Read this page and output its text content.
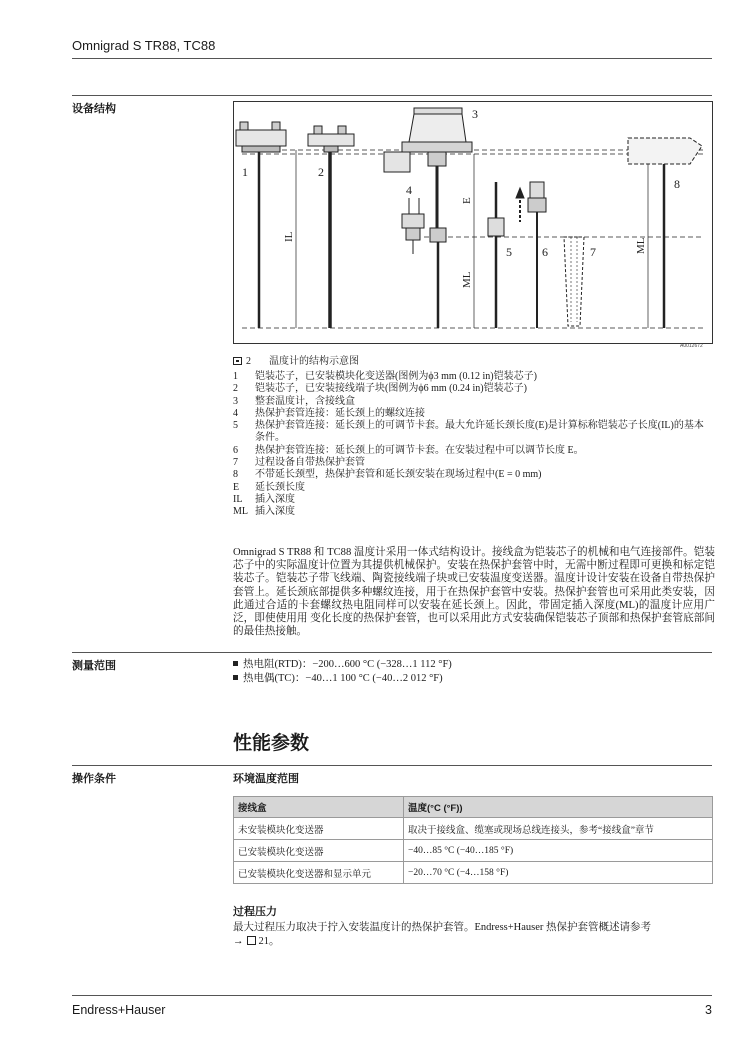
Omnigrad S TR88, TC88
设备结构
1	2
3
4
5	6	7
8
IL
E
ML
ML
A0012672
2 温度计的结构示意图
1	铠装芯子，已安装模块化变送器(图例为ϕ3 mm (0.12 in)铠装芯子)
2	铠装芯子，已安装接线端子块(图例为ϕ6 mm (0.24 in)铠装芯子)
3	整套温度计，含接线盒
4	热保护套管连接：延长颈上的螺纹连接
5	热保护套管连接：延长颈上的可调节卡套。最大允许延长颈长度(E)是计算标称铠装芯子长度(IL)的基本条件。
6	热保护套管连接：延长颈上的可调节卡套。在安装过程中可以调节长度 E。
7	过程设备自带热保护套管
8	不带延长颈型，热保护套管和延长颈安装在现场过程中(E = 0 mm)
E	延长颈长度
IL	插入深度
ML 插入深度
Omnigrad S TR88 和 TC88 温度计采用一体式结构设计。接线盒为铠装芯子的机械和电气连接部件。铠装芯子中的实际温度计位置为其提供机械保护。安装在热保护套管中时，无需中断过程即可更换和标定铠装芯子。铠装芯子带飞线端、陶瓷接线端子块或已安装温度变送器。温度计设计安装在设备自带热保护套管上。延长颈底部提供多种螺纹连接，用于在热保护套管中安装。热保护套管也可采用此类安装，因此通过合适的卡套螺纹热电阻同样可以安装在延长颈上。因此，带固定插入深度(ML)的温度计应用广泛，即使使用用 变化长度的热保护套管，也可以采用此方式安装确保铠装芯子顶部和热保护套管底部间的最佳热接触。
测量范围	热电阻(RTD)：−200…600 °C (−328…1 112 °F)
热电偶(TC)：−40…1 100 °C (−40…2 012 °F)
性能参数
操作条件	环境温度范围
接线盒	温度(°C (°F))
未安装模块化变送器	取决于接线盒、缆塞或现场总线连接头，参考“接线盒”章节
已安装模块化变送器	−40…85 °C (−40…185 °F)
已安装模块化变送器和显示单元	−20…70 °C (−4…158 °F)
过程压力
最大过程压力取决于拧入安装温度计的热保护套管。Endress+Hauser 热保护套管概述请参考
→ 21。
Endress+Hauser	3
